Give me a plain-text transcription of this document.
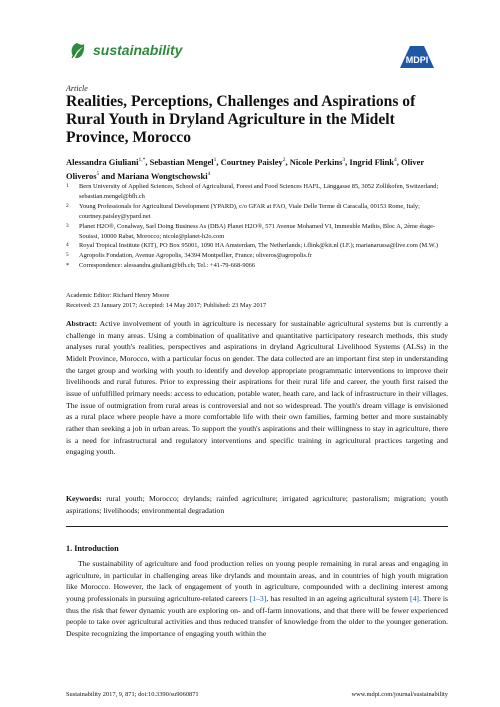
sustainability
MDPI
Article
Realities, Perceptions, Challenges and Aspirations of Rural Youth in Dryland Agriculture in the Midelt Province, Morocco
Alessandra Giuliani$^{1,*}$, Sebastian Mengel$^1$, Courtney Paisley$^2$, Nicole Perkins$^3$, Ingrid Flink$^4$, Oliver Oliveros$^5$ and Mariana Wongtschowski$^4$
1 Bern University of Applied Sciences, School of Agricultural, Forest and Food Sciences HAFL, Länggasse 85, 3052 Zollikofen, Switzerland; sebastian.mengel@bfh.ch
2 Young Professionals for Agricultural Development (YPARD), c/o GFAR at FAO, Viale Delle Terme di Caracalla, 00153 Rome, Italy; courtney.paisley@ypard.net
3 Planet H2O®, Conalway, Sarl Doing Business As (DBA) Planet H2O®, 571 Avenue Mohamed VI, Immeuble Mathis, Bloc A, 2ème étage-Souissi, 10000 Rabat, Morocco; nicole@planet-h2o.com
4 Royal Tropical Institute (KIT), PO Box 95001, 1090 HA Amsterdam, The Netherlands; i.flink@kit.nl (I.F.); marianarussa@live.com (M.W.)
5 Agropolis Fondation, Avenue Agropolis, 34394 Montpellier, France; oliveros@agropolis.fr
* Correspondence: alessandra.giuliani@bfh.ch; Tel.: +41-79-668-9066
Academic Editor: Richard Henry Moore
Received: 23 January 2017; Accepted: 14 May 2017; Published: 23 May 2017
Abstract: Active involvement of youth in agriculture is necessary for sustainable agricultural systems but is currently a challenge in many areas. Using a combination of qualitative and quantitative participatory research methods, this study analyses rural youth's realities, perspectives and aspirations in dryland Agricultural Livelihood Systems (ALSs) in the Midelt Province, Morocco, with a particular focus on gender. The data collected are an important first step in understanding the target group and working with youth to identify and develop appropriate programmatic interventions to improve their livelihoods and rural futures. Prior to expressing their aspirations for their rural life and career, the youth first raised the issue of unfulfilled primary needs: access to education, potable water, heath care, and lack of infrastructure in their villages. The issue of outmigration from rural areas is controversial and not so widespread. The youth's dream village is envisioned as a rural place where people have a more comfortable life with their own families, farming better and more sustainably rather than seeking a job in urban areas. To support the youth's aspirations and their willingness to stay in agriculture, there is a need for infrastructural and regulatory interventions and specific training in agricultural practices targeting and engaging youth.
Keywords: rural youth; Morocco; drylands; rainfed agriculture; irrigated agriculture; pastoralism; migration; youth aspirations; livelihoods; environmental degradation
1. Introduction
The sustainability of agriculture and food production relies on young people remaining in rural areas and engaging in agriculture, in particular in challenging areas like drylands and mountain areas, and in countries of high youth migration like Morocco. However, the lack of engagement of youth in agriculture, compounded with a declining interest among young professionals in pursuing agriculture-related careers [1–3], has resulted in an ageing agricultural system [4]. There is thus the risk that fewer dynamic youth are exploring on- and off-farm innovations, and that there will be fewer experienced people to take over agricultural activities and thus reduced transfer of knowledge from the older to the younger generation. Despite recognizing the importance of engaging youth within the
Sustainability 2017, 9, 871; doi:10.3390/su9060871	www.mdpi.com/journal/sustainability
